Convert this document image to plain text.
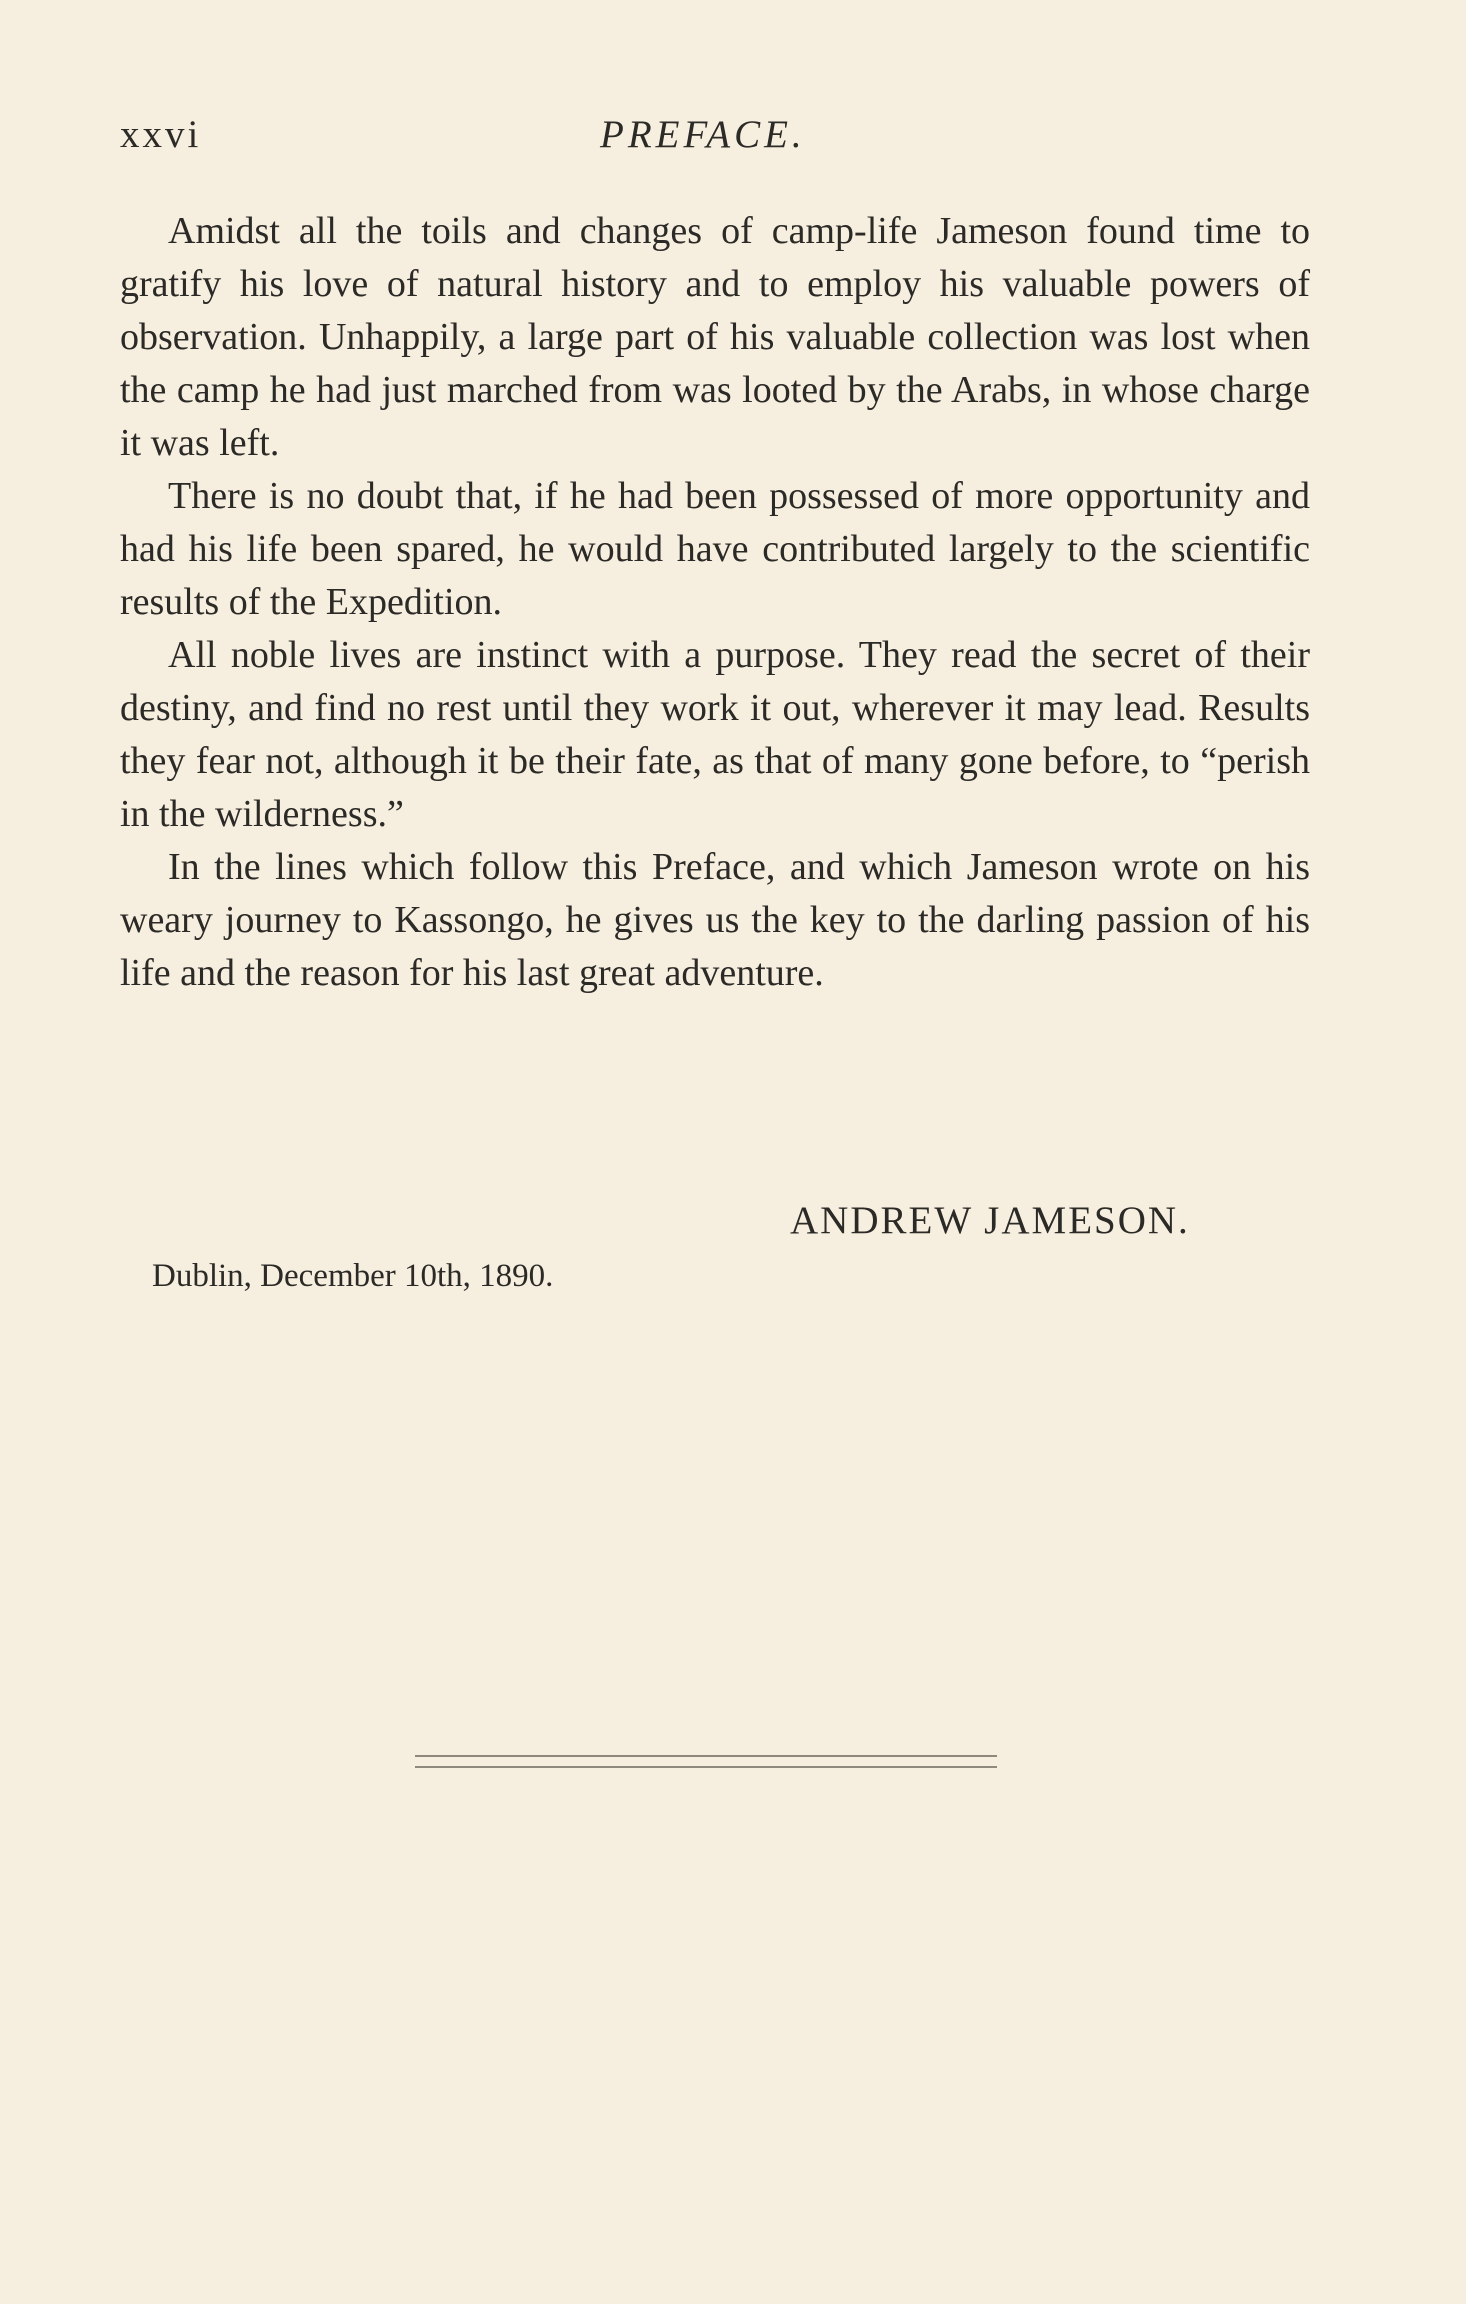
xxvi	PREFACE.

Amidst all the toils and changes of camp-life Jameson found time to gratify his love of natural history and to employ his valuable powers of observation. Unhappily, a large part of his valuable collection was lost when the camp he had just marched from was looted by the Arabs, in whose charge it was left.

There is no doubt that, if he had been possessed of more opportunity and had his life been spared, he would have contributed largely to the scientific results of the Expedition.

All noble lives are instinct with a purpose. They read the secret of their destiny, and find no rest until they work it out, wherever it may lead. Results they fear not, although it be their fate, as that of many gone before, to “perish in the wilderness.”

In the lines which follow this Preface, and which Jameson wrote on his weary journey to Kassongo, he gives us the key to the darling passion of his life and the reason for his last great adventure.

ANDREW JAMESON.
Dublin, December 10th, 1890.
